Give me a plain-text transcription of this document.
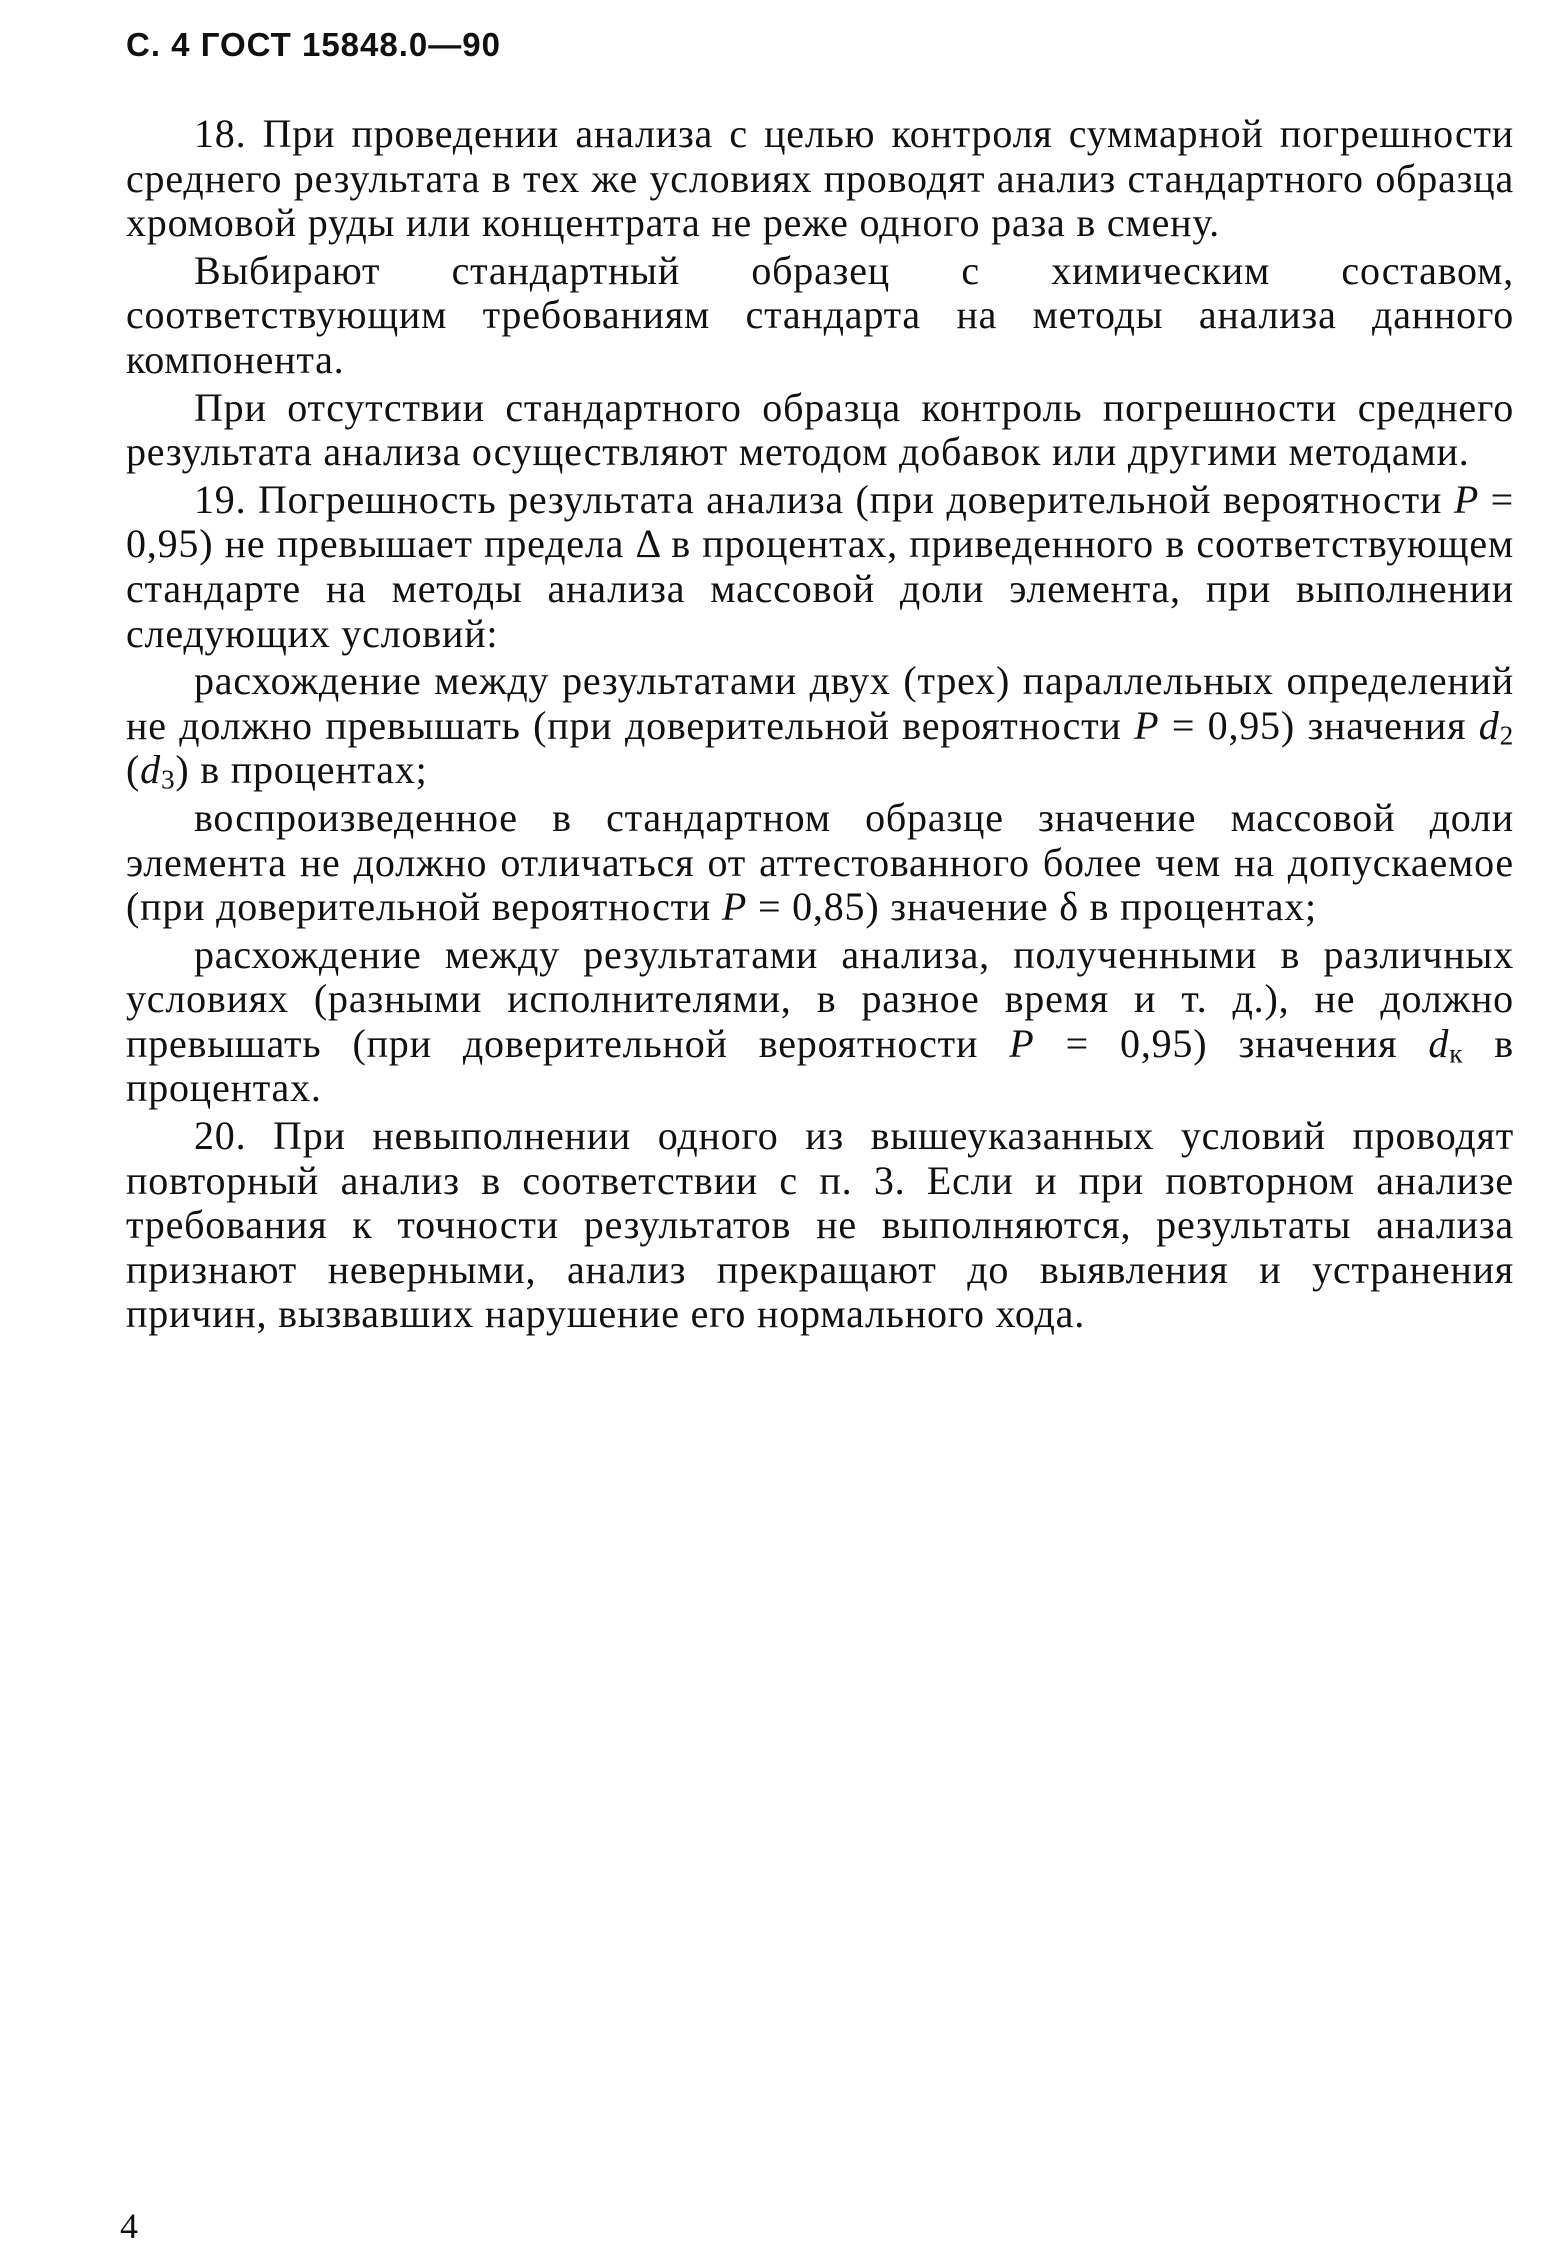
С. 4 ГОСТ 15848.0—90

18. При проведении анализа с целью контроля суммарной погрешности среднего результата в тех же условиях проводят анализ стандартного образца хромовой руды или концентрата не реже одного раза в смену.

Выбирают стандартный образец с химическим составом, соответствующим требованиям стандарта на методы анализа данного компонента.

При отсутствии стандартного образца контроль погрешности среднего результата анализа осуществляют методом добавок или другими методами.

19. Погрешность результата анализа (при доверительной вероятности P = 0,95) не превышает предела Δ в процентах, приведенного в соответствующем стандарте на методы анализа массовой доли элемента, при выполнении следующих условий:

расхождение между результатами двух (трех) параллельных определений не должно превышать (при доверительной вероятности P = 0,95) значения $d_2$ $(d_3)$ в процентах;

воспроизведенное в стандартном образце значение массовой доли элемента не должно отличаться от аттестованного более чем на допускаемое (при доверительной вероятности P = 0,85) значение δ в процентах;

расхождение между результатами анализа, полученными в различных условиях (разными исполнителями, в разное время и т. д.), не должно превышать (при доверительной вероятности P = 0,95) значения $d_к$ в процентах.

20. При невыполнении одного из вышеуказанных условий проводят повторный анализ в соответствии с п. 3. Если и при повторном анализе требования к точности результатов не выполняются, результаты анализа признают неверными, анализ прекращают до выявления и устранения причин, вызвавших нарушение его нормального хода.

4
